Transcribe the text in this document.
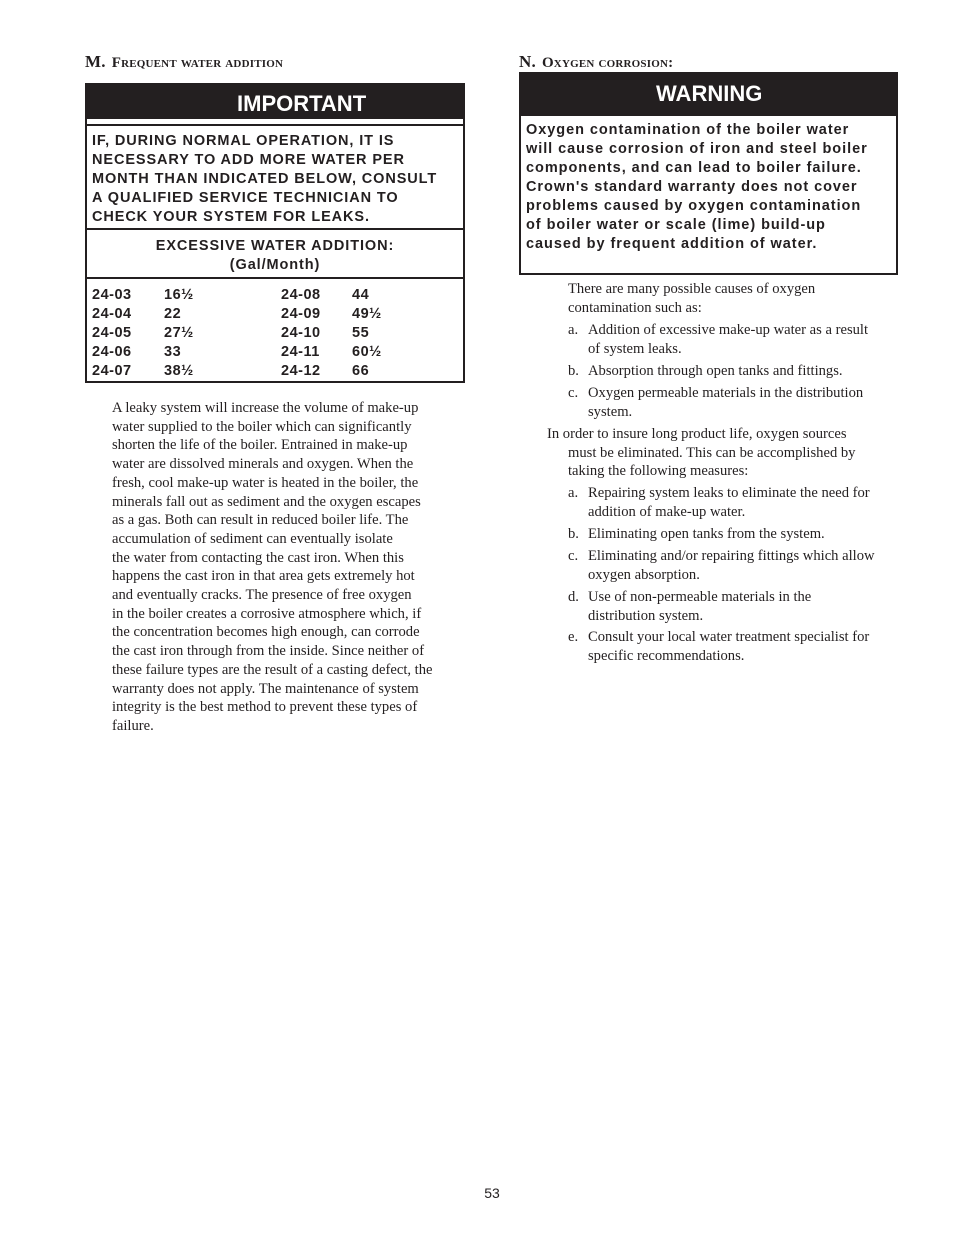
M. Frequent water addition
IMPORTANT
IF, DURING NORMAL OPERATION, IT IS
NECESSARY TO ADD MORE WATER PER
MONTH THAN INDICATED BELOW, CONSULT
A QUALIFIED SERVICE TECHNICIAN TO
CHECK YOUR SYSTEM FOR LEAKS.
EXCESSIVE WATER ADDITION:
(Gal/Month)
24-03	16½	24-08	44
24-04	22	24-09	49½
24-05	27½	24-10	55
24-06	33	24-11	60½
24-07	38½	24-12	66
A leaky system will increase the volume of make-up
water supplied to the boiler which can significantly
shorten the life of the boiler. Entrained in make-up
water are dissolved minerals and oxygen. When the
fresh, cool make-up water is heated in the boiler, the
minerals fall out as sediment and the oxygen escapes
as a gas. Both can result in reduced boiler life. The
accumulation of sediment can eventually isolate
the water from contacting the cast iron. When this
happens the cast iron in that area gets extremely hot
and eventually cracks. The presence of free oxygen
in the boiler creates a corrosive atmosphere which, if
the concentration becomes high enough, can corrode
the cast iron through from the inside. Since neither of
these failure types are the result of a casting defect, the
warranty does not apply. The maintenance of system
integrity is the best method to prevent these types of
failure.
N. Oxygen corrosion:
WARNING
Oxygen contamination of the boiler water
will cause corrosion of iron and steel boiler
components, and can lead to boiler failure.
Crown's standard warranty does not cover
problems caused by oxygen contamination
of boiler water or scale (lime) build-up
caused by frequent addition of water.
There are many possible causes of oxygen
contamination such as:
a. Addition of excessive make-up water as a result
of system leaks.
b. Absorption through open tanks and fittings.
c. Oxygen permeable materials in the distribution
system.
In order to insure long product life, oxygen sources
must be eliminated. This can be accomplished by
taking the following measures:
a. Repairing system leaks to eliminate the need for
addition of make-up water.
b. Eliminating open tanks from the system.
c. Eliminating and/or repairing fittings which allow
oxygen absorption.
d. Use of non-permeable materials in the
distribution system.
e. Consult your local water treatment specialist for
specific recommendations.
53
